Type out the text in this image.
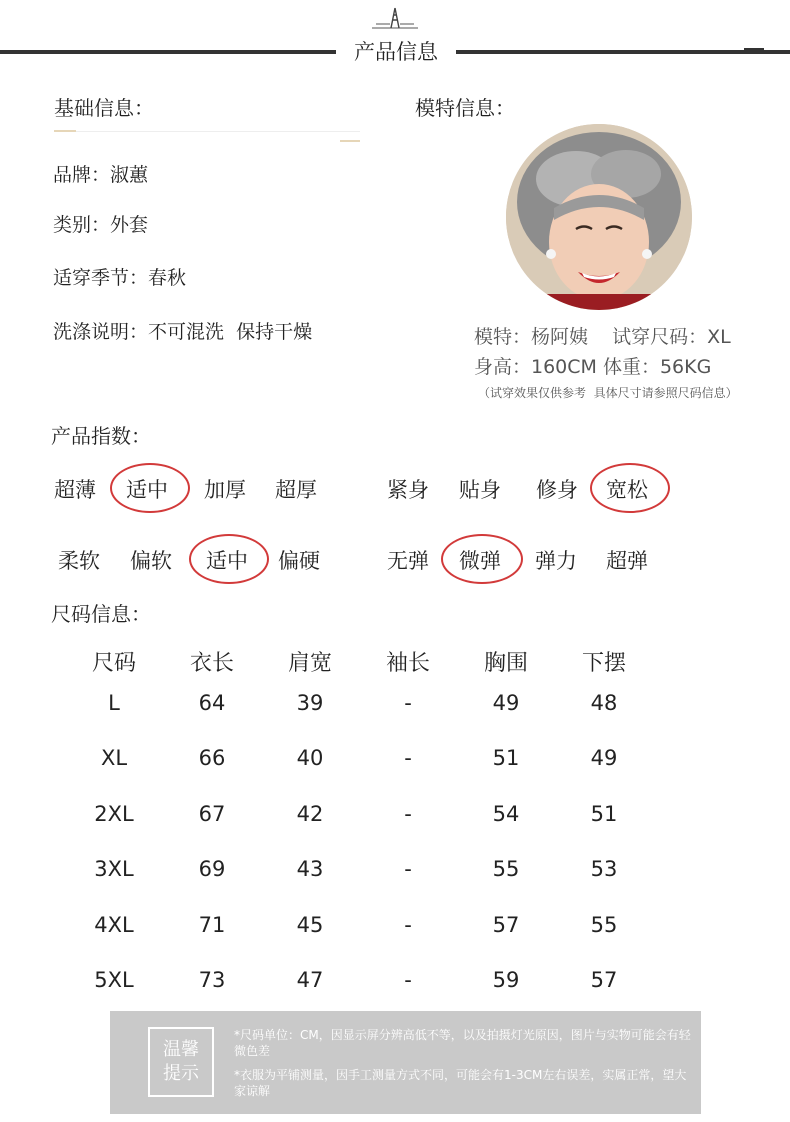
产品信息
基础信息：
品牌：淑蕙
类别：外套
适穿季节：春秋
洗涤说明：不可混洗  保持干燥
模特信息：
模特：杨阿姨    试穿尺码：XL
身高：160CM 体重：56KG
（试穿效果仅供参考  具体尺寸请参照尺码信息）
产品指数：
超薄 适中 加厚 超厚	紧身 贴身 修身 宽松
柔软 偏软 适中 偏硬	无弹 微弹 弹力 超弹
尺码信息：
尺码	衣长	肩宽	袖长	胸围	下摆
L	64	39	-	49	48
XL	66	40	-	51	49
2XL	67	42	-	54	51
3XL	69	43	-	55	53
4XL	71	45	-	57	55
5XL	73	47	-	59	57
温馨
提示
*尺码单位：CM，因显示屏分辨高低不等，以及拍摄灯光原因，图片与实物可能会有轻微色差
*衣服为平铺测量，因手工测量方式不同，可能会有1-3CM左右误差，实属正常，望大家谅解
